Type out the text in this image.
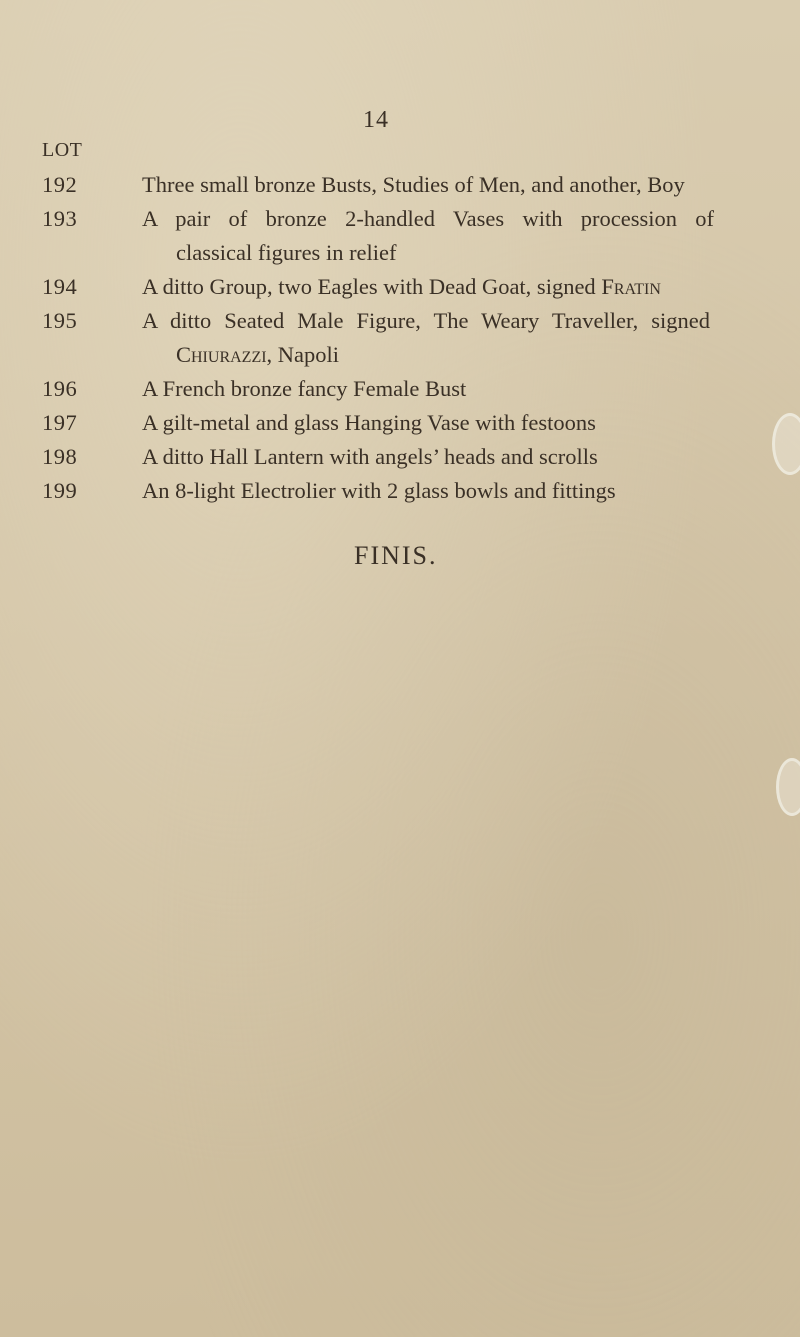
14
LOT
192	Three small bronze Busts, Studies of Men, and another, Boy
193	A pair of bronze 2-handled Vases with procession of
classical figures in relief
194	A ditto Group, two Eagles with Dead Goat, signed Fratin
195	A ditto Seated Male Figure, The Weary Traveller, signed
Chiurazzi, Napoli
196	A French bronze fancy Female Bust
197	A gilt-metal and glass Hanging Vase with festoons
198	A ditto Hall Lantern with angels’ heads and scrolls
199	An 8-light Electrolier with 2 glass bowls and fittings
FINIS.
